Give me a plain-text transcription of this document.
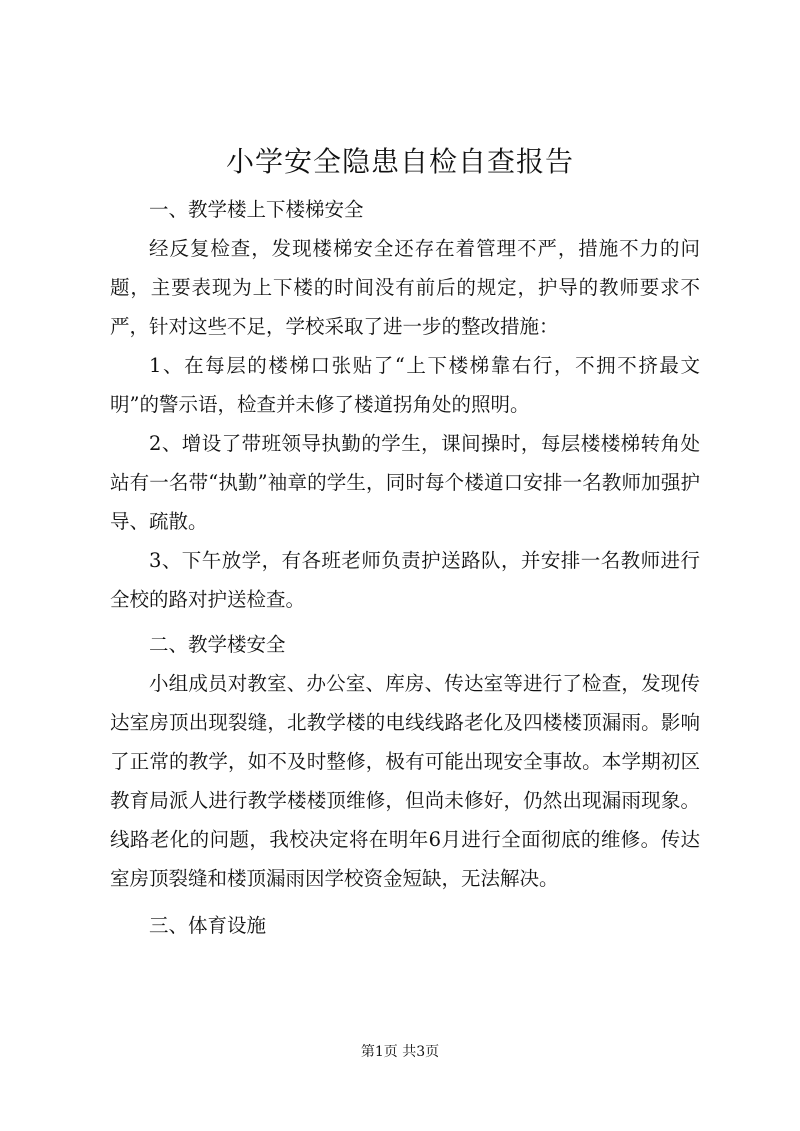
小学安全隐患自检自查报告

一、教学楼上下楼梯安全

经反复检查，发现楼梯安全还存在着管理不严，措施不力的问题，主要表现为上下楼的时间没有前后的规定，护导的教师要求不严，针对这些不足，学校采取了进一步的整改措施：

1、在每层的楼梯口张贴了“上下楼梯靠右行，不拥不挤最文明”的警示语，检查并未修了楼道拐角处的照明。

2、增设了带班领导执勤的学生，课间操时，每层楼楼梯转角处站有一名带“执勤”袖章的学生，同时每个楼道口安排一名教师加强护导、疏散。

3、下午放学，有各班老师负责护送路队，并安排一名教师进行全校的路对护送检查。

二、教学楼安全

小组成员对教室、办公室、库房、传达室等进行了检查，发现传达室房顶出现裂缝，北教学楼的电线线路老化及四楼楼顶漏雨。影响了正常的教学，如不及时整修，极有可能出现安全事故。本学期初区教育局派人进行教学楼楼顶维修，但尚未修好，仍然出现漏雨现象。线路老化的问题，我校决定将在明年6月进行全面彻底的维修。传达室房顶裂缝和楼顶漏雨因学校资金短缺，无法解决。

三、体育设施

第1页 共3页
